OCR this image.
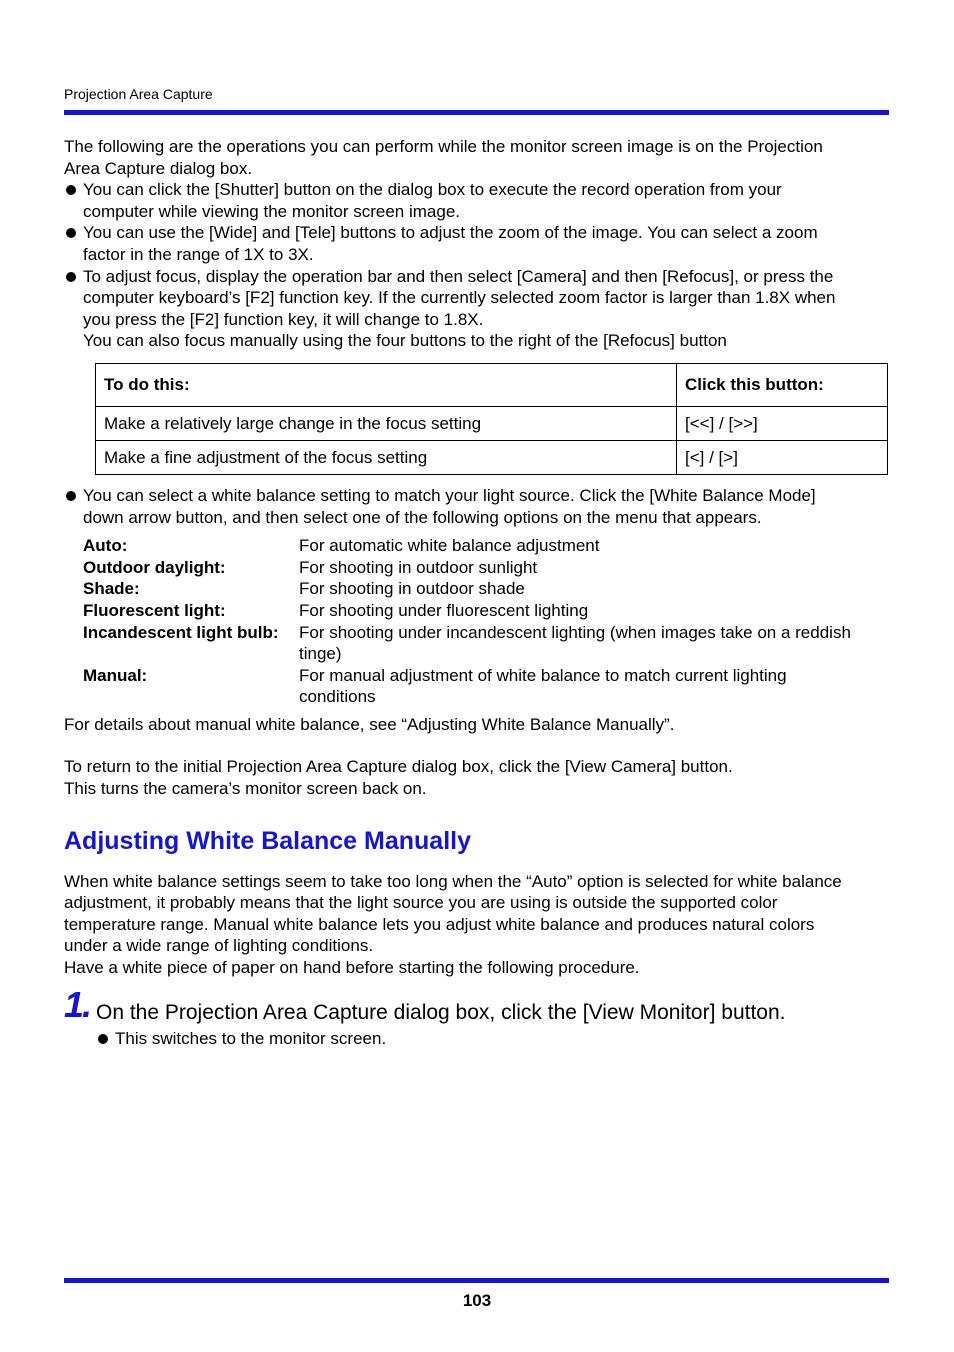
Projection Area Capture

The following are the operations you can perform while the monitor screen image is on the Projection Area Capture dialog box.

You can click the [Shutter] button on the dialog box to execute the record operation from your computer while viewing the monitor screen image.

You can use the [Wide] and [Tele] buttons to adjust the zoom of the image. You can select a zoom factor in the range of 1X to 3X.

To adjust focus, display the operation bar and then select [Camera] and then [Refocus], or press the computer keyboard’s [F2] function key. If the currently selected zoom factor is larger than 1.8X when you press the [F2] function key, it will change to 1.8X.

You can also focus manually using the four buttons to the right of the [Refocus] button

To do this:	Click this button:
Make a relatively large change in the focus setting	[<<] / [>>]
Make a fine adjustment of the focus setting	[<] / [>]

You can select a white balance setting to match your light source. Click the [White Balance Mode] down arrow button, and then select one of the following options on the menu that appears.

Auto:	For automatic white balance adjustment
Outdoor daylight:	For shooting in outdoor sunlight
Shade:	For shooting in outdoor shade
Fluorescent light:	For shooting under fluorescent lighting
Incandescent light bulb:	For shooting under incandescent lighting (when images take on a reddish tinge)
Manual:	For manual adjustment of white balance to match current lighting conditions

For details about manual white balance, see “Adjusting White Balance Manually”.

To return to the initial Projection Area Capture dialog box, click the [View Camera] button.

This turns the camera’s monitor screen back on.

Adjusting White Balance Manually

When white balance settings seem to take too long when the “Auto” option is selected for white balance adjustment, it probably means that the light source you are using is outside the supported color temperature range. Manual white balance lets you adjust white balance and produces natural colors under a wide range of lighting conditions.

Have a white piece of paper on hand before starting the following procedure.

1. On the Projection Area Capture dialog box, click the [View Monitor] button.

This switches to the monitor screen.

103
